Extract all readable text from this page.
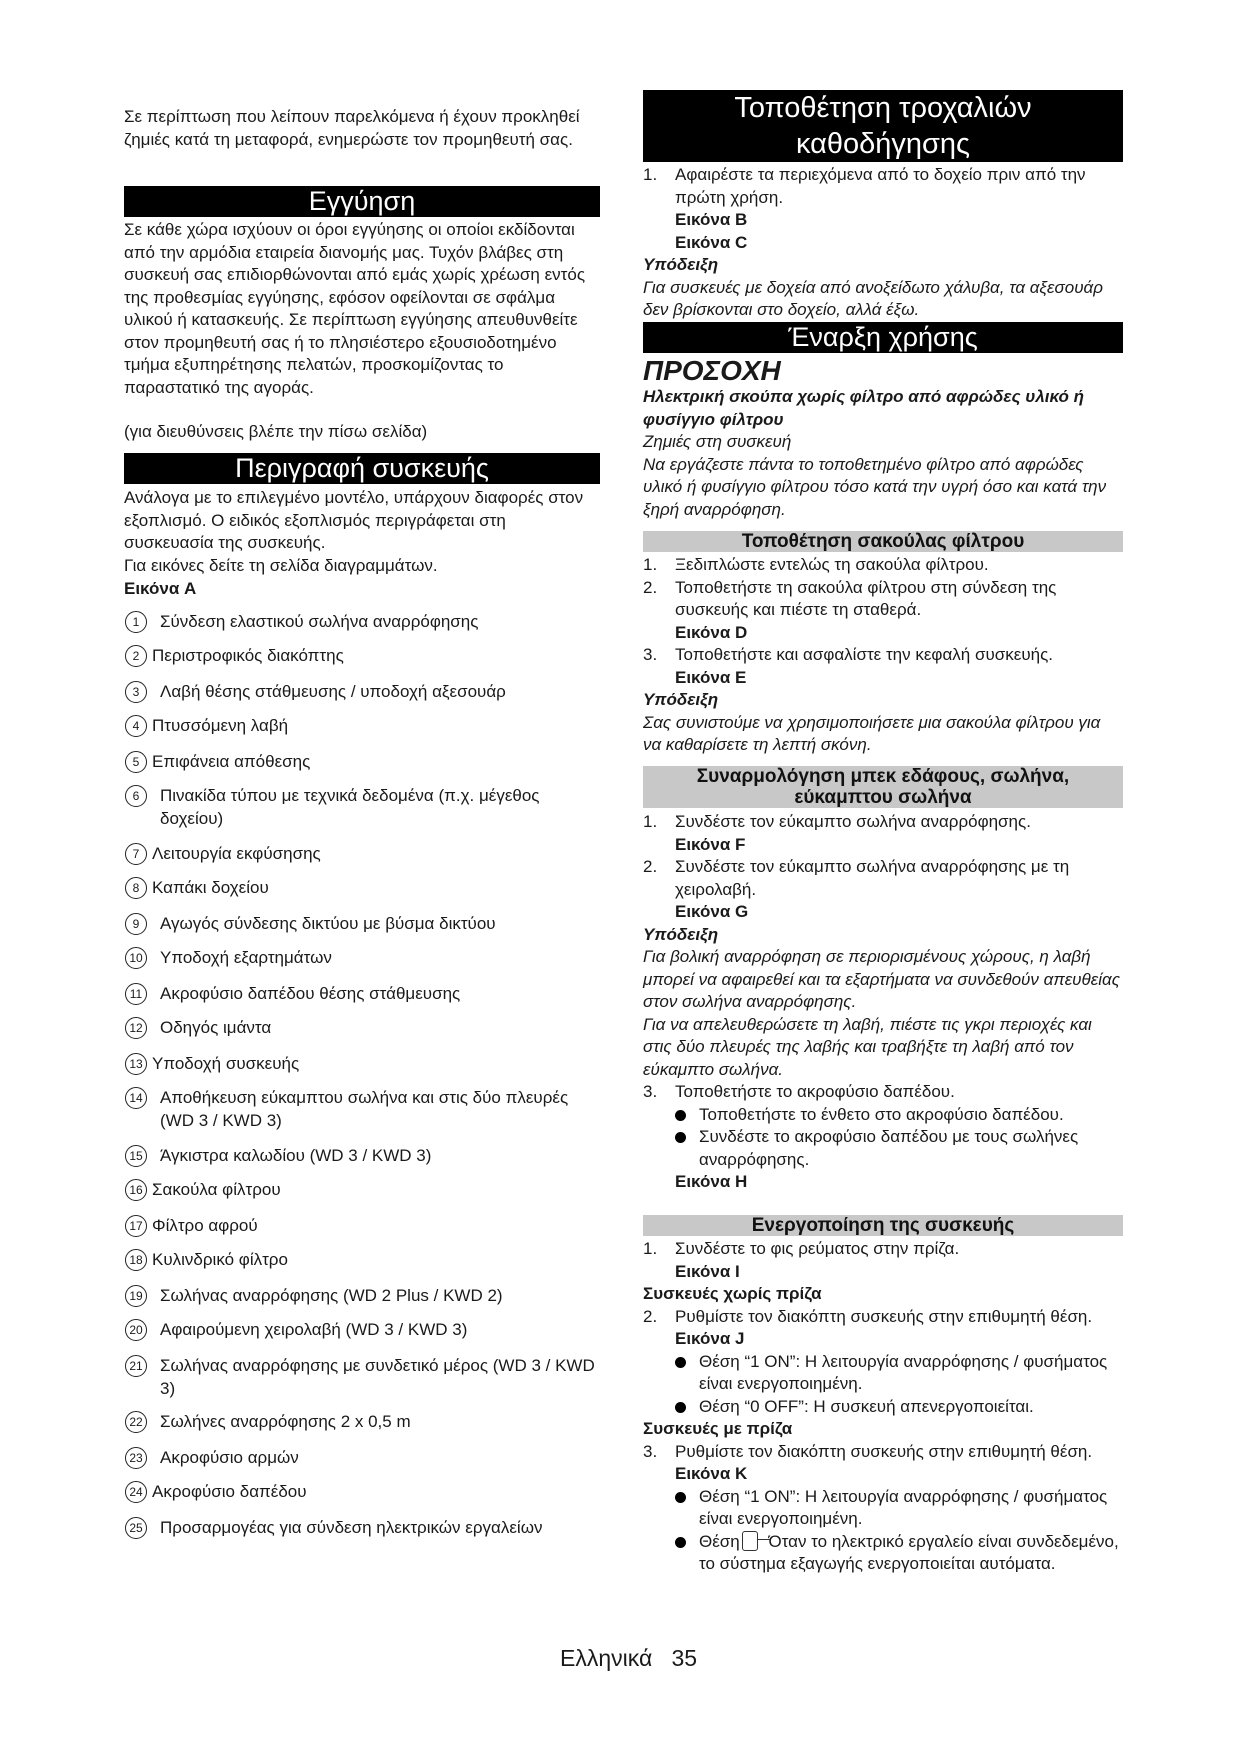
Σε περίπτωση που λείπουν παρελκόμενα ή έχουν προκληθεί ζημιές κατά τη μεταφορά, ενημερώστε τον προμηθευτή σας.

Εγγύηση

Σε κάθε χώρα ισχύουν οι όροι εγγύησης οι οποίοι εκδίδονται από την αρμόδια εταιρεία διανομής μας. Τυχόν βλάβες στη συσκευή σας επιδιορθώνονται από εμάς χωρίς χρέωση εντός της προθεσμίας εγγύησης, εφόσον οφείλονται σε σφάλμα υλικού ή κατασκευής. Σε περίπτωση εγγύησης απευθυνθείτε στον προμηθευτή σας ή το πλησιέστερο εξουσιοδοτημένο τμήμα εξυπηρέτησης πελατών, προσκομίζοντας το παραστατικό της αγοράς.

(για διευθύνσεις βλέπε την πίσω σελίδα)

Περιγραφή συσκευής

Ανάλογα με το επιλεγμένο μοντέλο, υπάρχουν διαφορές στον εξοπλισμό. Ο ειδικός εξοπλισμός περιγράφεται στη συσκευασία της συσκευής.

Για εικόνες δείτε τη σελίδα διαγραμμάτων.

Εικόνα A

1	Σύνδεση ελαστικού σωλήνα αναρρόφησης
2 Περιστροφικός διακόπτης
3	Λαβή θέσης στάθμευσης / υποδοχή αξεσουάρ
4 Πτυσσόμενη λαβή
5 Επιφάνεια απόθεσης
6	Πινακίδα τύπου με τεχνικά δεδομένα (π.χ. μέγεθος δοχείου)
7 Λειτουργία εκφύσησης
8 Καπάκι δοχείου
9	Αγωγός σύνδεσης δικτύου με βύσμα δικτύου
10 Υποδοχή εξαρτημάτων
11 Ακροφύσιο δαπέδου θέσης στάθμευσης
12 Οδηγός ιμάντα
13 Υποδοχή συσκευής
14 Αποθήκευση εύκαμπτου σωλήνα και στις δύο πλευρές (WD 3 / KWD 3)
15 Άγκιστρα καλωδίου (WD 3 / KWD 3)
16 Σακούλα φίλτρου
17 Φίλτρο αφρού
18 Κυλινδρικό φίλτρο
19 Σωλήνας αναρρόφησης (WD 2 Plus / KWD 2)
20 Αφαιρούμενη χειρολαβή (WD 3 / KWD 3)
21 Σωλήνας αναρρόφησης με συνδετικό μέρος (WD 3 / KWD 3)
22 Σωλήνες αναρρόφησης 2 x 0,5 m
23 Ακροφύσιο αρμών
24 Ακροφύσιο δαπέδου
25 Προσαρμογέας για σύνδεση ηλεκτρικών εργαλείων
Τοποθέτηση τροχαλιών
καθοδήγησης

1. Αφαιρέστε τα περιεχόμενα από το δοχείο πριν από την πρώτη χρήση.

Εικόνα B

Εικόνα C

Υπόδειξη

Για συσκευές με δοχεία από ανοξείδωτο χάλυβα, τα αξεσουάρ δεν βρίσκονται στο δοχείο, αλλά έξω.

Έναρξη χρήσης

ΠΡΟΣΟΧΗ

Ηλεκτρική σκούπα χωρίς φίλτρο από αφρώδες υλικό ή φυσίγγιο φίλτρου

Ζημιές στη συσκευή

Να εργάζεστε πάντα το τοποθετημένο φίλτρο από αφρώδες υλικό ή φυσίγγιο φίλτρου τόσο κατά την υγρή όσο και κατά την ξηρή αναρρόφηση.

Τοποθέτηση σακούλας φίλτρου

1. Ξεδιπλώστε εντελώς τη σακούλα φίλτρου.

2. Τοποθετήστε τη σακούλα φίλτρου στη σύνδεση της συσκευής και πιέστε τη σταθερά.

Εικόνα D

3. Τοποθετήστε και ασφαλίστε την κεφαλή συσκευής.

Εικόνα E

Υπόδειξη

Σας συνιστούμε να χρησιμοποιήσετε μια σακούλα φίλτρου για να καθαρίσετε τη λεπτή σκόνη.

Συναρμολόγηση μπεκ εδάφους, σωλήνα,
εύκαμπτου σωλήνα

1. Συνδέστε τον εύκαμπτο σωλήνα αναρρόφησης.

Εικόνα F

2. Συνδέστε τον εύκαμπτο σωλήνα αναρρόφησης με τη χειρολαβή.

Εικόνα G

Υπόδειξη

Για βολική αναρρόφηση σε περιορισμένους χώρους, η λαβή μπορεί να αφαιρεθεί και τα εξαρτήματα να συνδεθούν απευθείας στον σωλήνα αναρρόφησης.

Για να απελευθερώσετε τη λαβή, πιέστε τις γκρι περιοχές και στις δύο πλευρές της λαβής και τραβήξτε τη λαβή από τον εύκαμπτο σωλήνα.

3. Τοποθετήστε το ακροφύσιο δαπέδου.

Τοποθετήστε το ένθετο στο ακροφύσιο δαπέδου.

Συνδέστε το ακροφύσιο δαπέδου με τους σωλήνες αναρρόφησης.

Εικόνα H

Ενεργοποίηση της συσκευής

1. Συνδέστε το φις ρεύματος στην πρίζα.

Εικόνα I

Συσκευές χωρίς πρίζα

2. Ρυθμίστε τον διακόπτη συσκευής στην επιθυμητή θέση.

Εικόνα J

Θέση “1 ON”: Η λειτουργία αναρρόφησης / φυσήματος είναι ενεργοποιημένη.

Θέση “0 OFF”: Η συσκευή απενεργοποιείται.

Συσκευές με πρίζα

3. Ρυθμίστε τον διακόπτη συσκευής στην επιθυμητή θέση.

Εικόνα K

Θέση “1 ON”: Η λειτουργία αναρρόφησης / φυσήματος είναι ενεργοποιημένη.

Θέση Όταν το ηλεκτρικό εργαλείο είναι συνδεδεμένο, το σύστημα εξαγωγής ενεργοποιείται αυτόματα.

Ελληνικά 35
